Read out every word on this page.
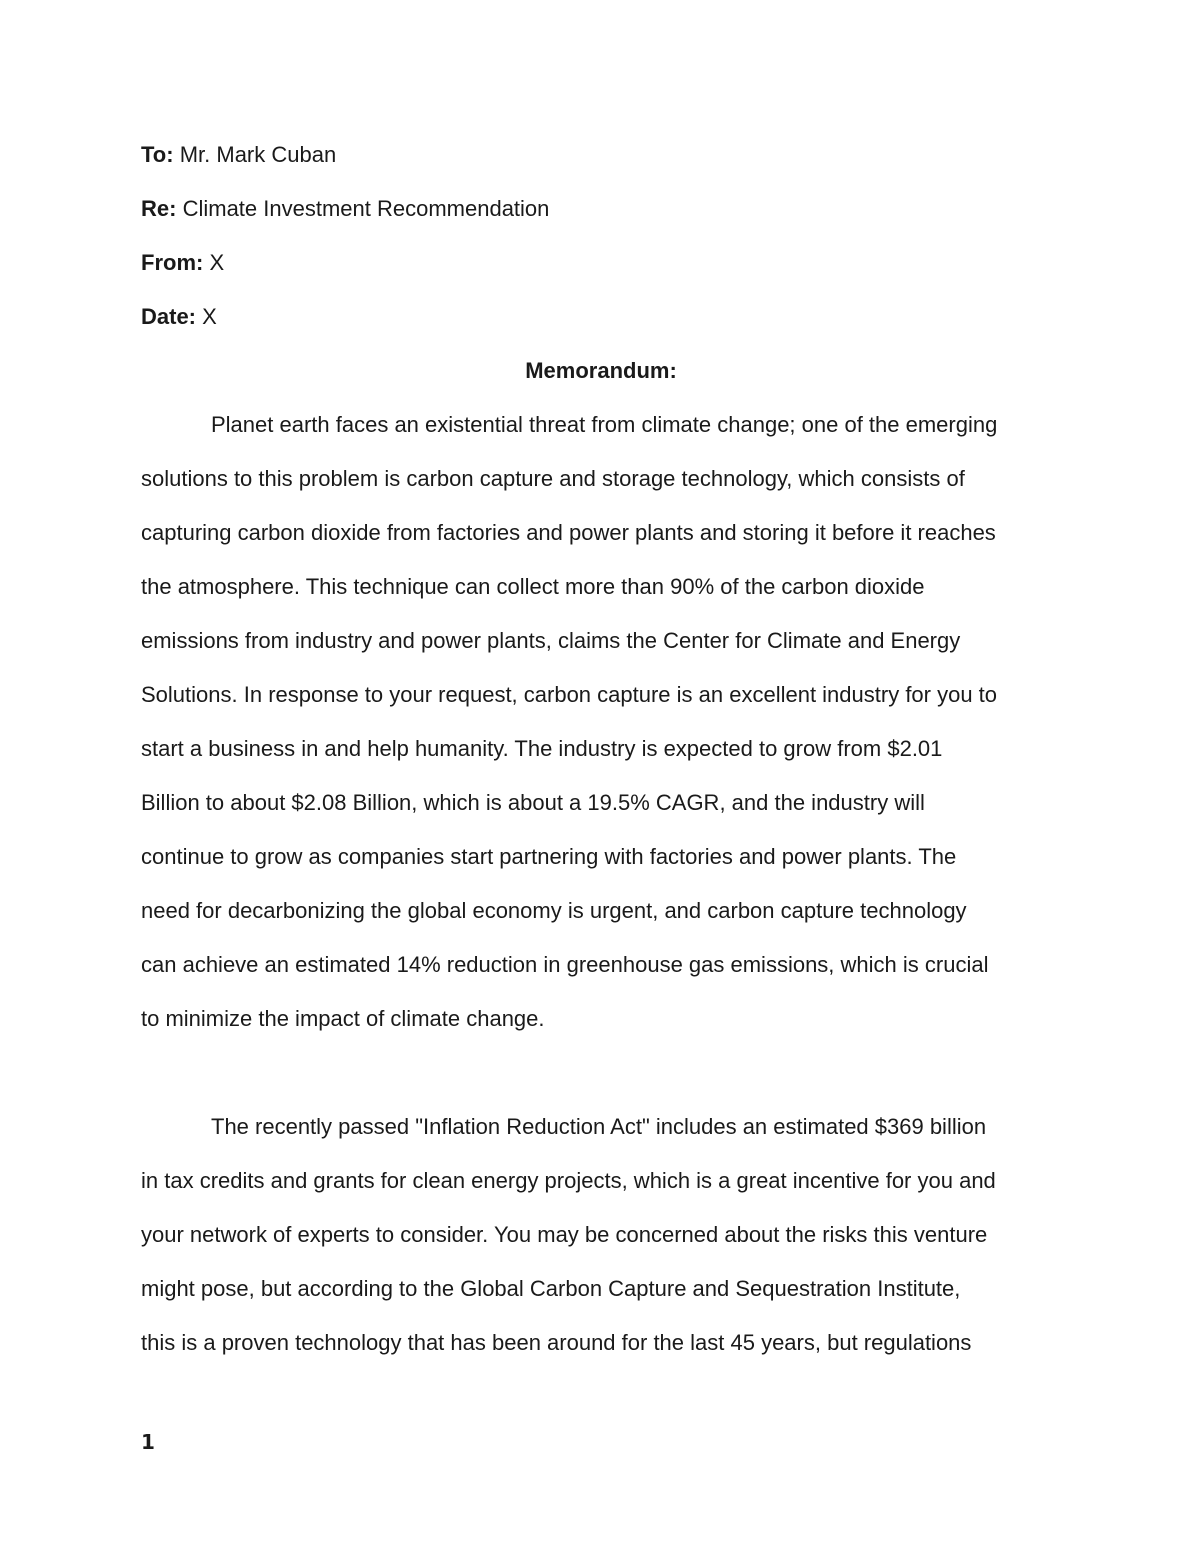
To: Mr. Mark Cuban
Re: Climate Investment Recommendation
From: X
Date: X
Memorandum:
Planet earth faces an existential threat from climate change; one of the emerging
solutions to this problem is carbon capture and storage technology, which consists of
capturing carbon dioxide from factories and power plants and storing it before it reaches
the atmosphere. This technique can collect more than 90% of the carbon dioxide
emissions from industry and power plants, claims the Center for Climate and Energy
Solutions. In response to your request, carbon capture is an excellent industry for you to
start a business in and help humanity. The industry is expected to grow from $2.01
Billion to about $2.08 Billion, which is about a 19.5% CAGR, and the industry will
continue to grow as companies start partnering with factories and power plants. The
need for decarbonizing the global economy is urgent, and carbon capture technology
can achieve an estimated 14% reduction in greenhouse gas emissions, which is crucial
to minimize the impact of climate change.
The recently passed "Inflation Reduction Act" includes an estimated $369 billion
in tax credits and grants for clean energy projects, which is a great incentive for you and
your network of experts to consider. You may be concerned about the risks this venture
might pose, but according to the Global Carbon Capture and Sequestration Institute,
this is a proven technology that has been around for the last 45 years, but regulations
1
